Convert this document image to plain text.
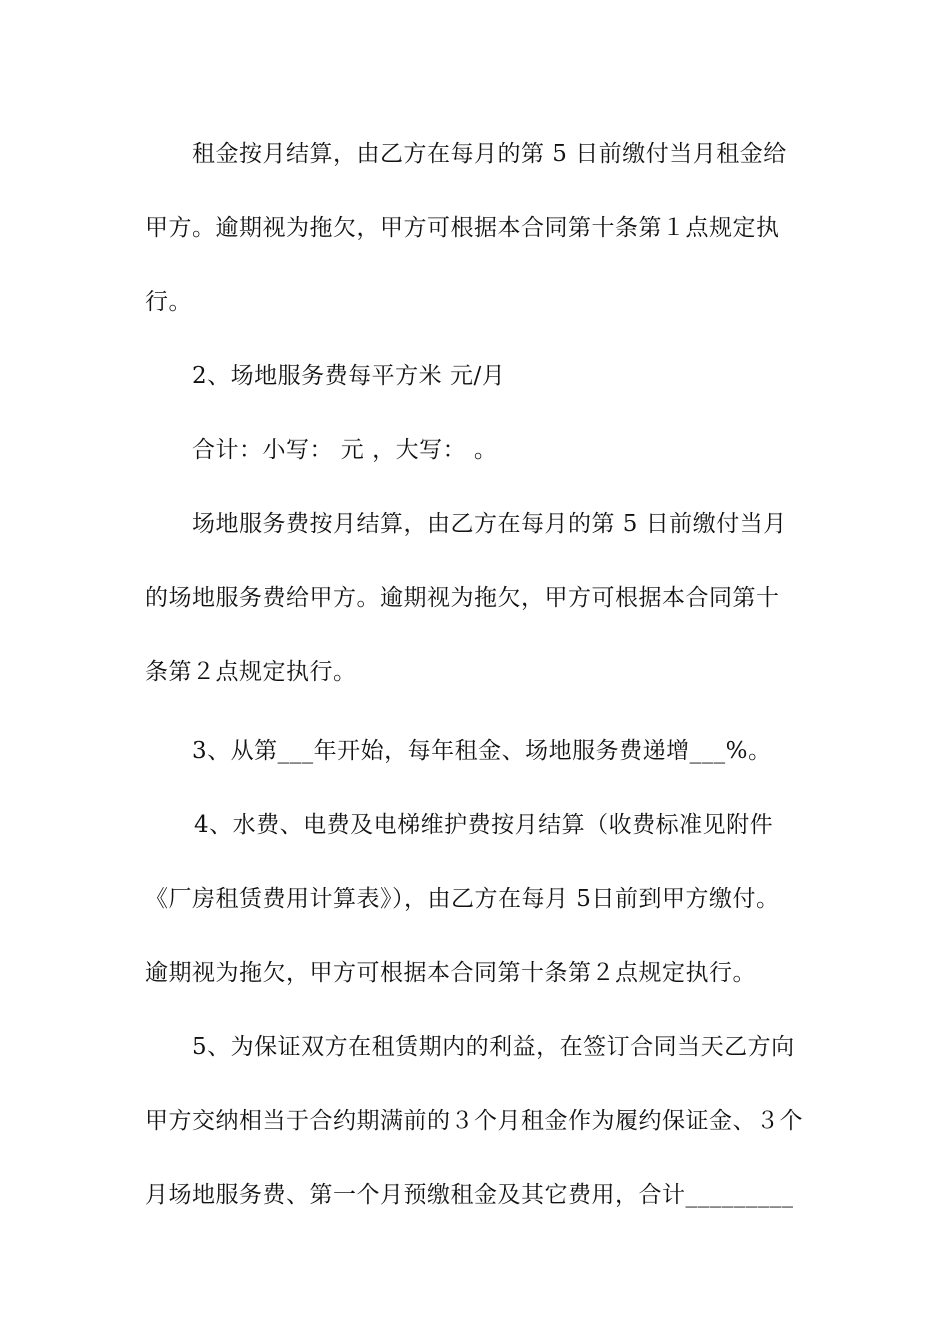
租金按月结算，由乙方在每月的第 5 日前缴付当月租金给
甲方。逾期视为拖欠，甲方可根据本合同第十条第１点规定执
行。
2、场地服务费每平方米 元/月
合计：小写： 元 ，大写： 。
场地服务费按月结算，由乙方在每月的第 5 日前缴付当月
的场地服务费给甲方。逾期视为拖欠，甲方可根据本合同第十
条第２点规定执行。
3、从第___年开始，每年租金、场地服务费递增___%。
4、水费、电费及电梯维护费按月结算（收费标准见附件
《厂房租赁费用计算表》），由乙方在每月 5日前到甲方缴付。
逾期视为拖欠，甲方可根据本合同第十条第２点规定执行。
5、为保证双方在租赁期内的利益，在签订合同当天乙方向
甲方交纳相当于合约期满前的３个月租金作为履约保证金、３个
月场地服务费、第一个月预缴租金及其它费用，合计_________
